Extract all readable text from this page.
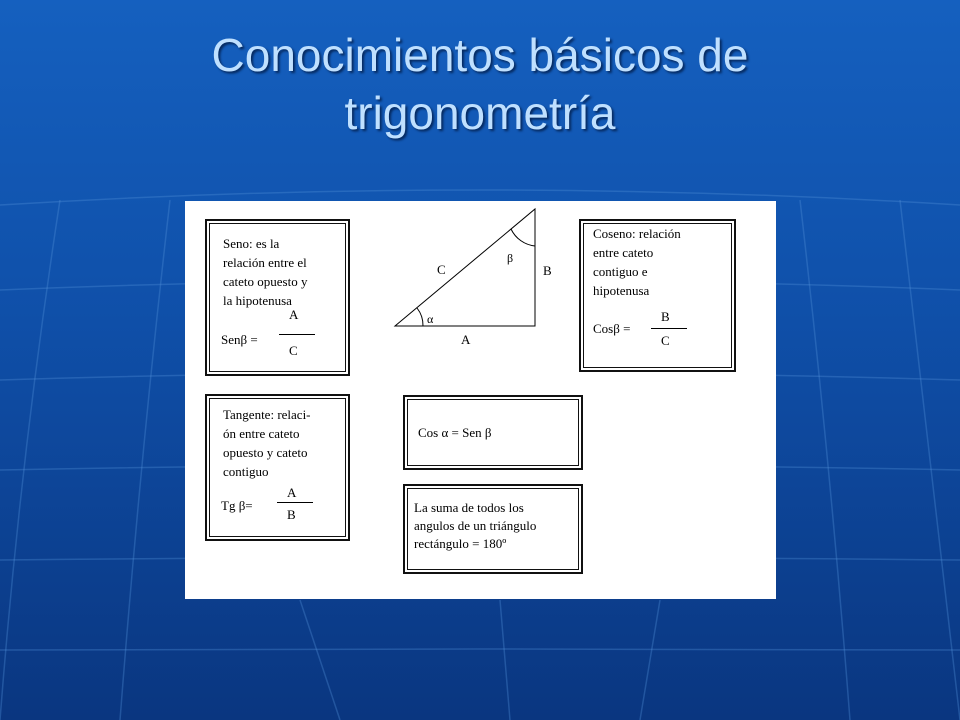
Conocimientos básicos de
trigonometría
Seno: es la
relación entre el
cateto opuesto y
la hipotenusa
Senβ =
A
C
C	B
A
α
β
Coseno: relación
entre cateto
contiguo e
hipotenusa
Cosβ =
B
C
Tangente: relaci-
ón entre cateto
opuesto y cateto
contiguo
Tg β=
A
B
Cos α = Sen β
La suma de todos los
angulos de un triángulo
rectángulo = 180º
